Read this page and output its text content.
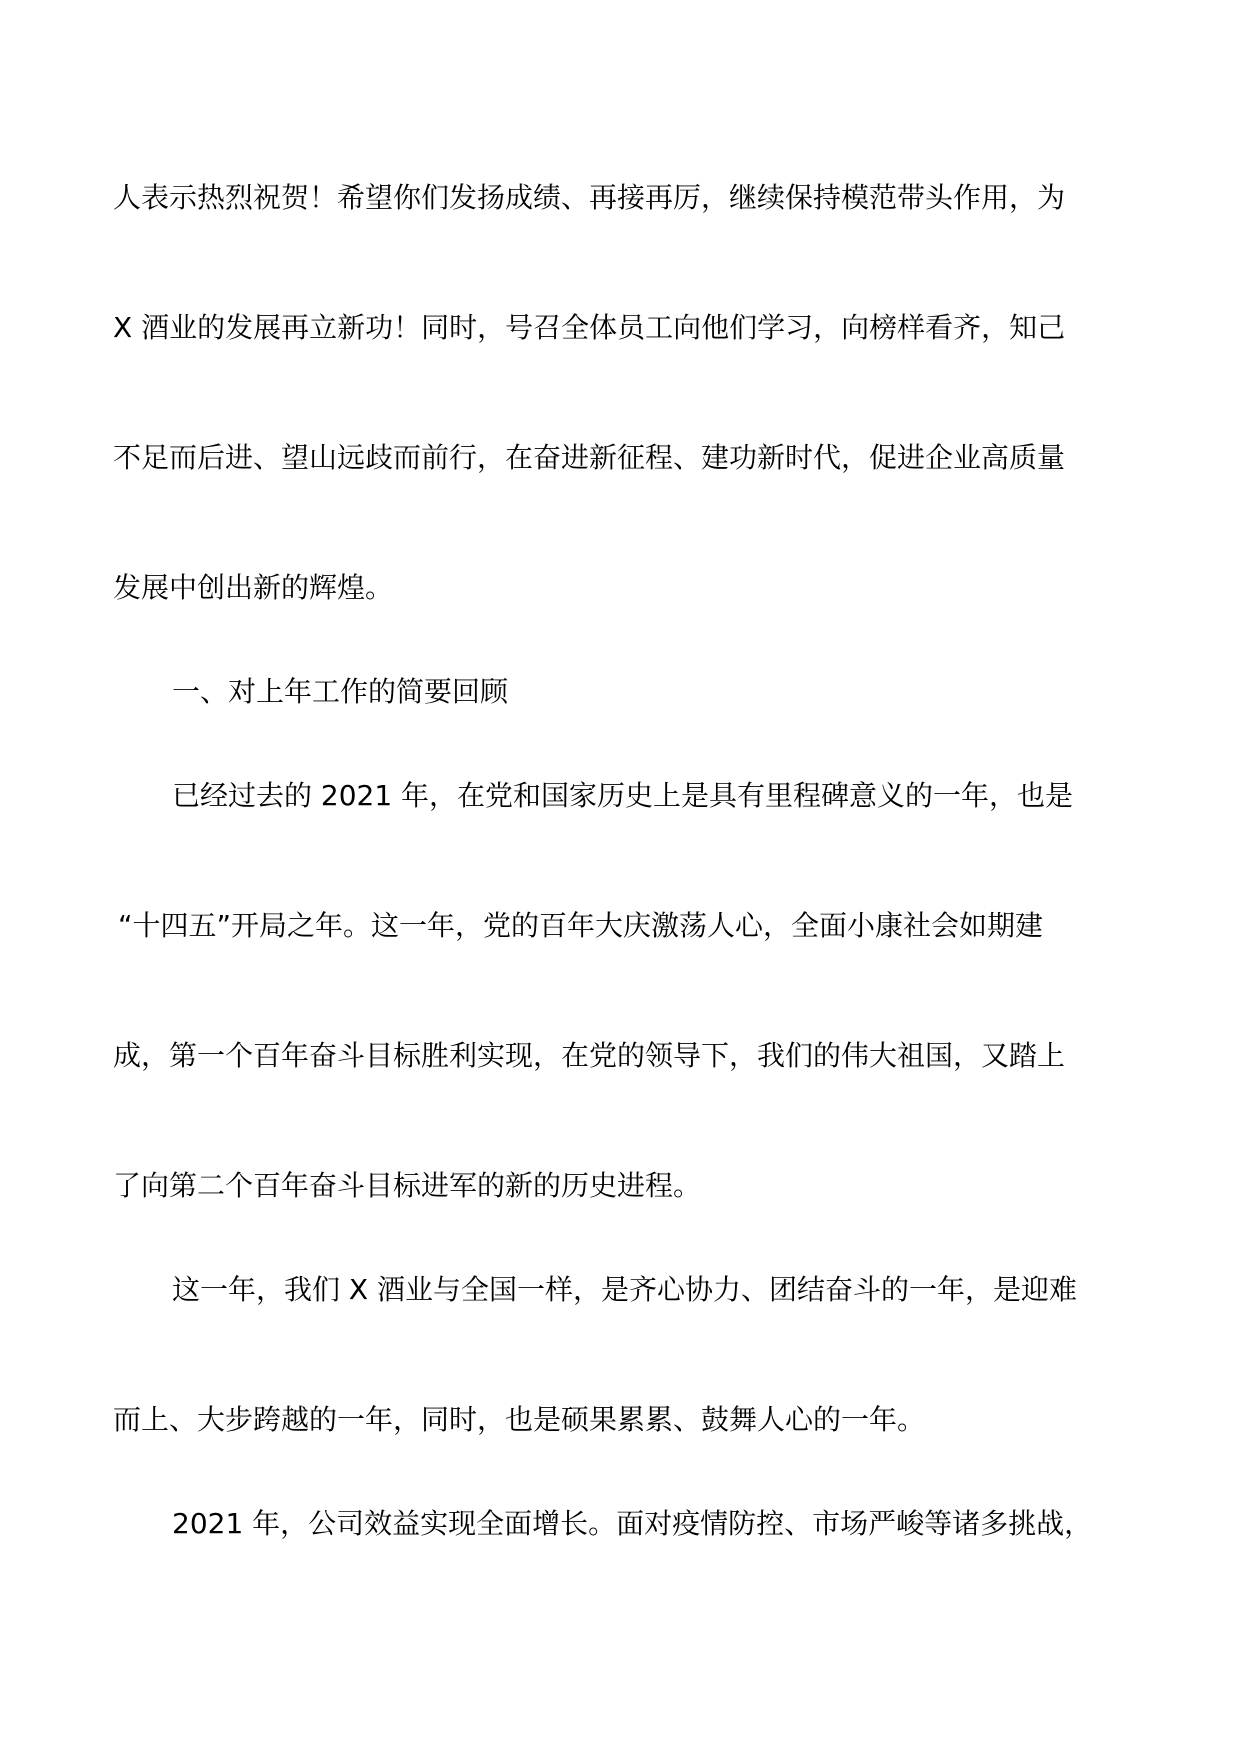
人表示热烈祝贺！希望你们发扬成绩、再接再厉，继续保持模范带头作用，为
X 酒业的发展再立新功！同时，号召全体员工向他们学习，向榜样看齐，知己
不足而后进、望山远歧而前行，在奋进新征程、建功新时代，促进企业高质量
发展中创出新的辉煌。
一、对上年工作的简要回顾
已经过去的 2021 年，在党和国家历史上是具有里程碑意义的一年，也是
“十四五”开局之年。这一年，党的百年大庆激荡人心，全面小康社会如期建
成，第一个百年奋斗目标胜利实现，在党的领导下，我们的伟大祖国，又踏上
了向第二个百年奋斗目标进军的新的历史进程。
这一年，我们 X 酒业与全国一样，是齐心协力、团结奋斗的一年，是迎难
而上、大步跨越的一年，同时，也是硕果累累、鼓舞人心的一年。
2021 年，公司效益实现全面增长。面对疫情防控、市场严峻等诸多挑战，
